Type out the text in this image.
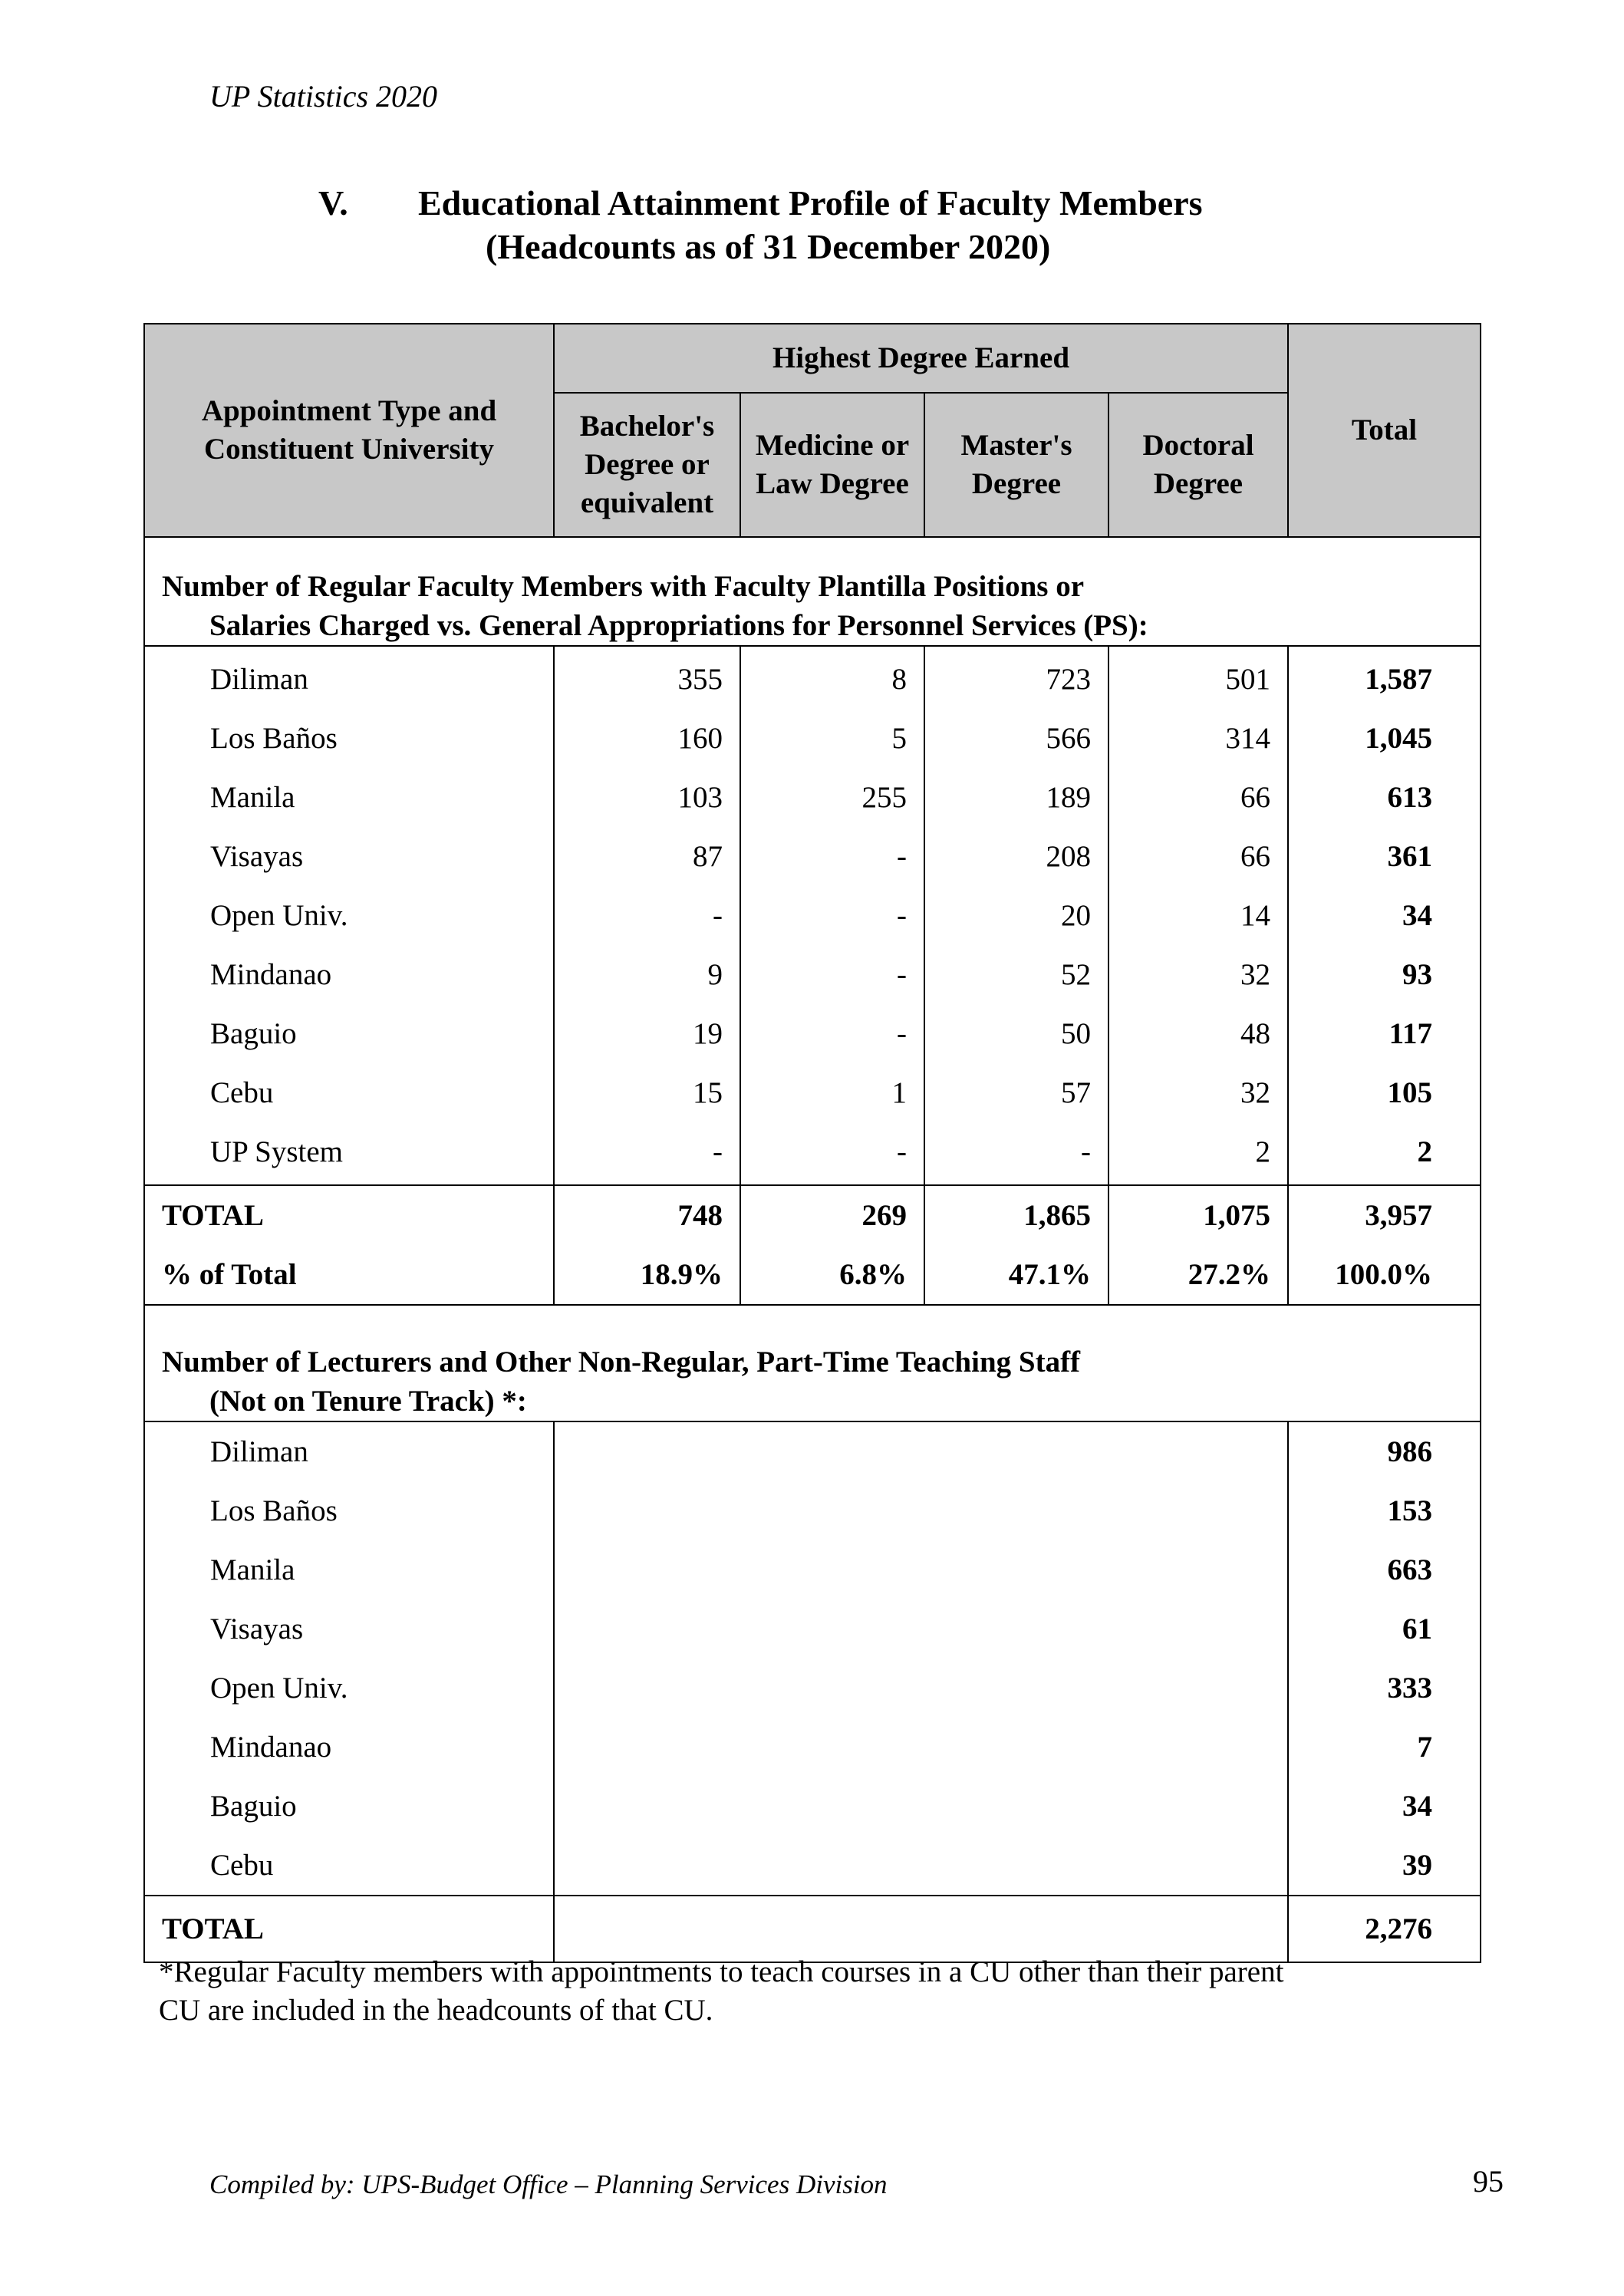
UP Statistics 2020
V. Educational Attainment Profile of Faculty Members
(Headcounts as of 31 December 2020)
Appointment Type and Constituent University	Highest Degree Earned				Total
	Bachelor's Degree or equivalent	Medicine or Law Degree	Master's Degree	Doctoral Degree	

Number of Regular Faculty Members with Faculty Plantilla Positions or
Salaries Charged vs. General Appropriations for Personnel Services (PS):					

Diliman	355	8	723	501	1,587
Los Baños	160	5	566	314	1,045
Manila	103	255	189	66	613
Visayas	87	-	208	66	361
Open Univ.	-	-	20	14	34
Mindanao	9	-	52	32	93
Baguio	19	-	50	48	117
Cebu	15	1	57	32	105
UP System	-	-	-	2	2
TOTAL	748	269	1,865	1,075	3,957
% of Total	18.9%	6.8%	47.1%	27.2%	100.0%

Number of Lecturers and Other Non-Regular, Part-Time Teaching Staff
(Not on Tenure Track) *:					

Diliman					986
Los Baños					153
Manila					663
Visayas					61
Open Univ.					333
Mindanao					7
Baguio					34
Cebu					39
TOTAL					2,276
*Regular Faculty members with appointments to teach courses in a CU other than their parent
CU are included in the headcounts of that CU.
Compiled by: UPS-Budget Office – Planning Services Division	95
